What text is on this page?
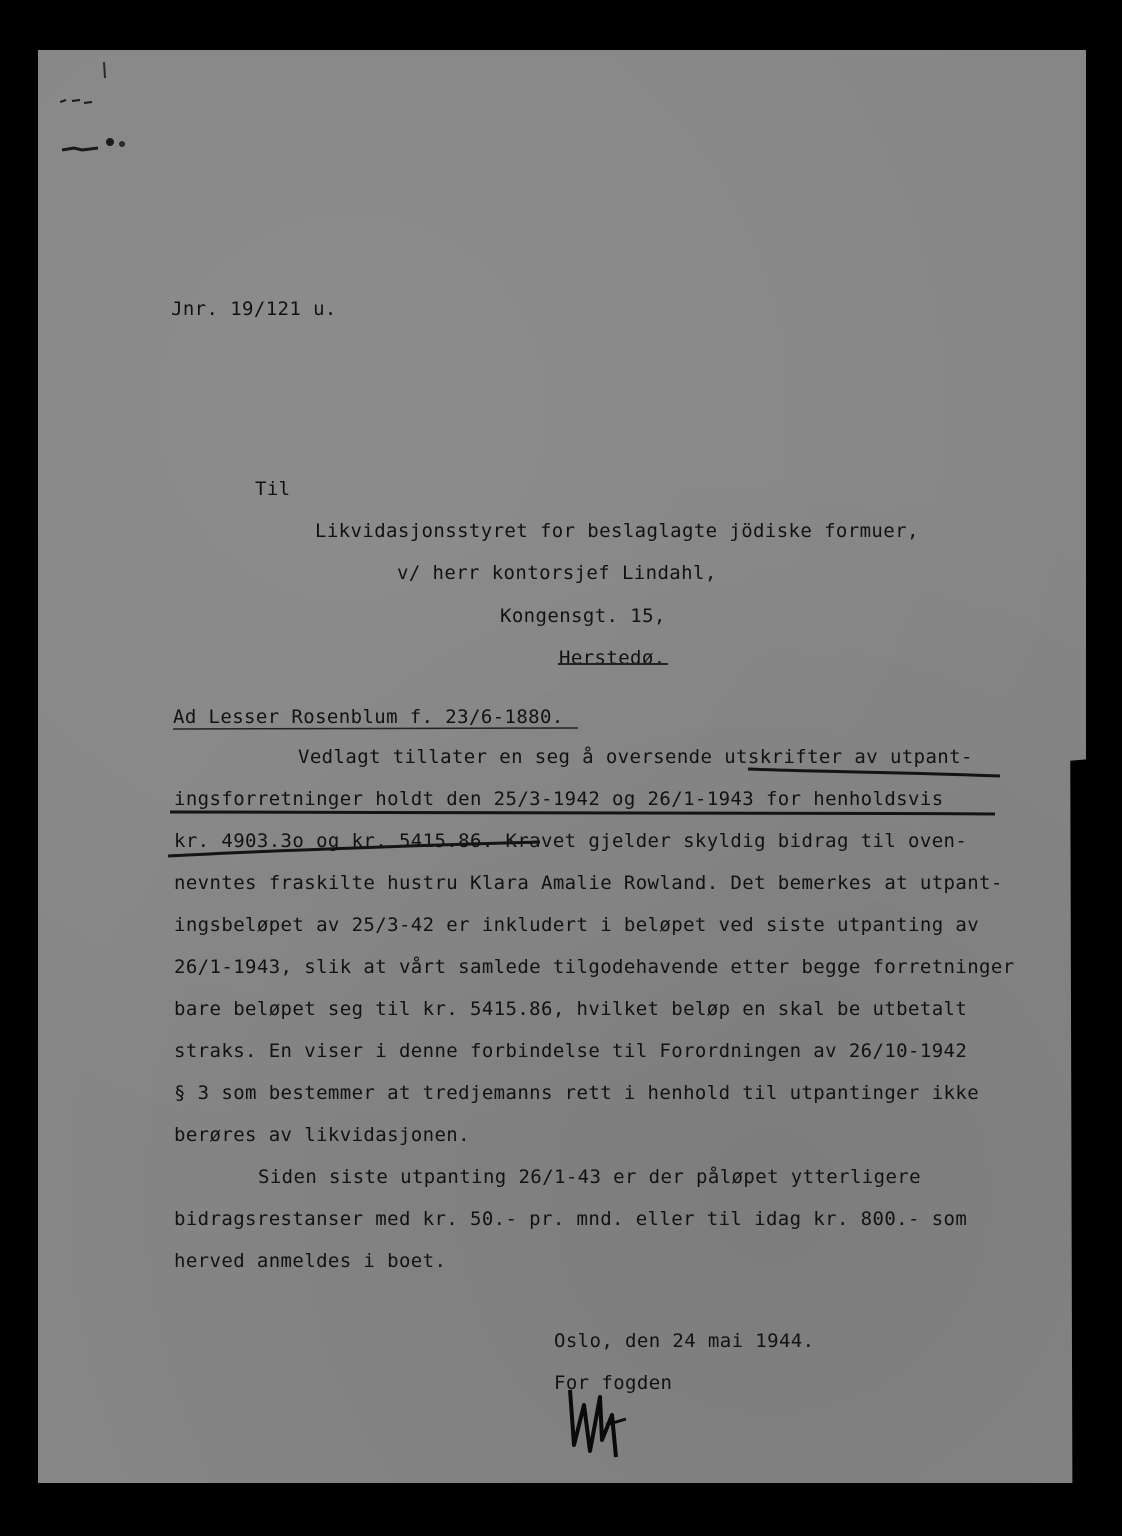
Jnr. 19/121 u.

Til

Likvidasjonsstyret for beslaglagte jödiske formuer,

v/ herr kontorsjef Lindahl,

Kongensgt. 15,

Herstedø.

Ad Lesser Rosenblum f. 23/6-1880.

Vedlagt tillater en seg å oversende utskrifter av utpant-

ingsforretninger holdt den 25/3-1942 og 26/1-1943 for henholdsvis

kr. 4903.3o og kr. 5415.86. Kravet gjelder skyldig bidrag til oven-

nevntes fraskilte hustru Klara Amalie Rowland. Det bemerkes at utpant-

ingsbeløpet av 25/3-42 er inkludert i beløpet ved siste utpanting av

26/1-1943, slik at vårt samlede tilgodehavende etter begge forretninger

bare beløpet seg til kr. 5415.86, hvilket beløp en skal be utbetalt

straks. En viser i denne forbindelse til Forordningen av 26/10-1942

§ 3 som bestemmer at tredjemanns rett i henhold til utpantinger ikke

berøres av likvidasjonen.

Siden siste utpanting 26/1-43 er der påløpet ytterligere

bidragsrestanser med kr. 50.- pr. mnd. eller til idag kr. 800.- som

herved anmeldes i boet.

Oslo, den 24 mai 1944.

For fogden
